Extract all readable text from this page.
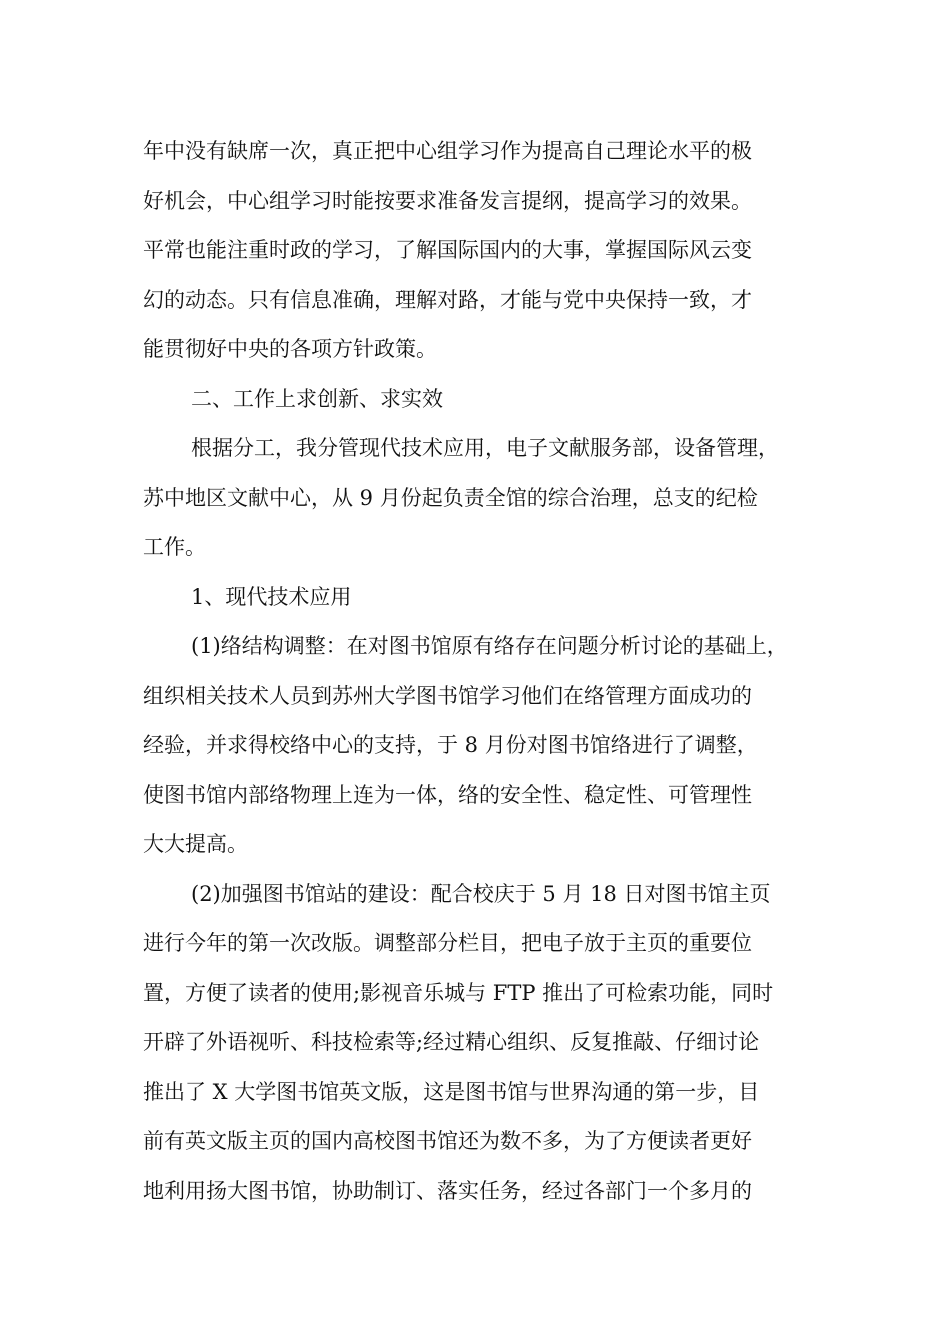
年中没有缺席一次，真正把中心组学习作为提高自己理论水平的极
好机会，中心组学习时能按要求准备发言提纲，提高学习的效果。
平常也能注重时政的学习，了解国际国内的大事，掌握国际风云变
幻的动态。只有信息准确，理解对路，才能与党中央保持一致，才
能贯彻好中央的各项方针政策。
二、工作上求创新、求实效
根据分工，我分管现代技术应用，电子文献服务部，设备管理，
苏中地区文献中心，从 9 月份起负责全馆的综合治理，总支的纪检
工作。
1、现代技术应用
(1)络结构调整：在对图书馆原有络存在问题分析讨论的基础上，
组织相关技术人员到苏州大学图书馆学习他们在络管理方面成功的
经验，并求得校络中心的支持，于 8 月份对图书馆络进行了调整，
使图书馆内部络物理上连为一体，络的安全性、稳定性、可管理性
大大提高。
(2)加强图书馆站的建设：配合校庆于 5 月 18 日对图书馆主页
进行今年的第一次改版。调整部分栏目，把电子放于主页的重要位
置，方便了读者的使用;影视音乐城与 FTP 推出了可检索功能，同时
开辟了外语视听、科技检索等;经过精心组织、反复推敲、仔细讨论
推出了 X 大学图书馆英文版，这是图书馆与世界沟通的第一步，目
前有英文版主页的国内高校图书馆还为数不多，为了方便读者更好
地利用扬大图书馆，协助制订、落实任务，经过各部门一个多月的
